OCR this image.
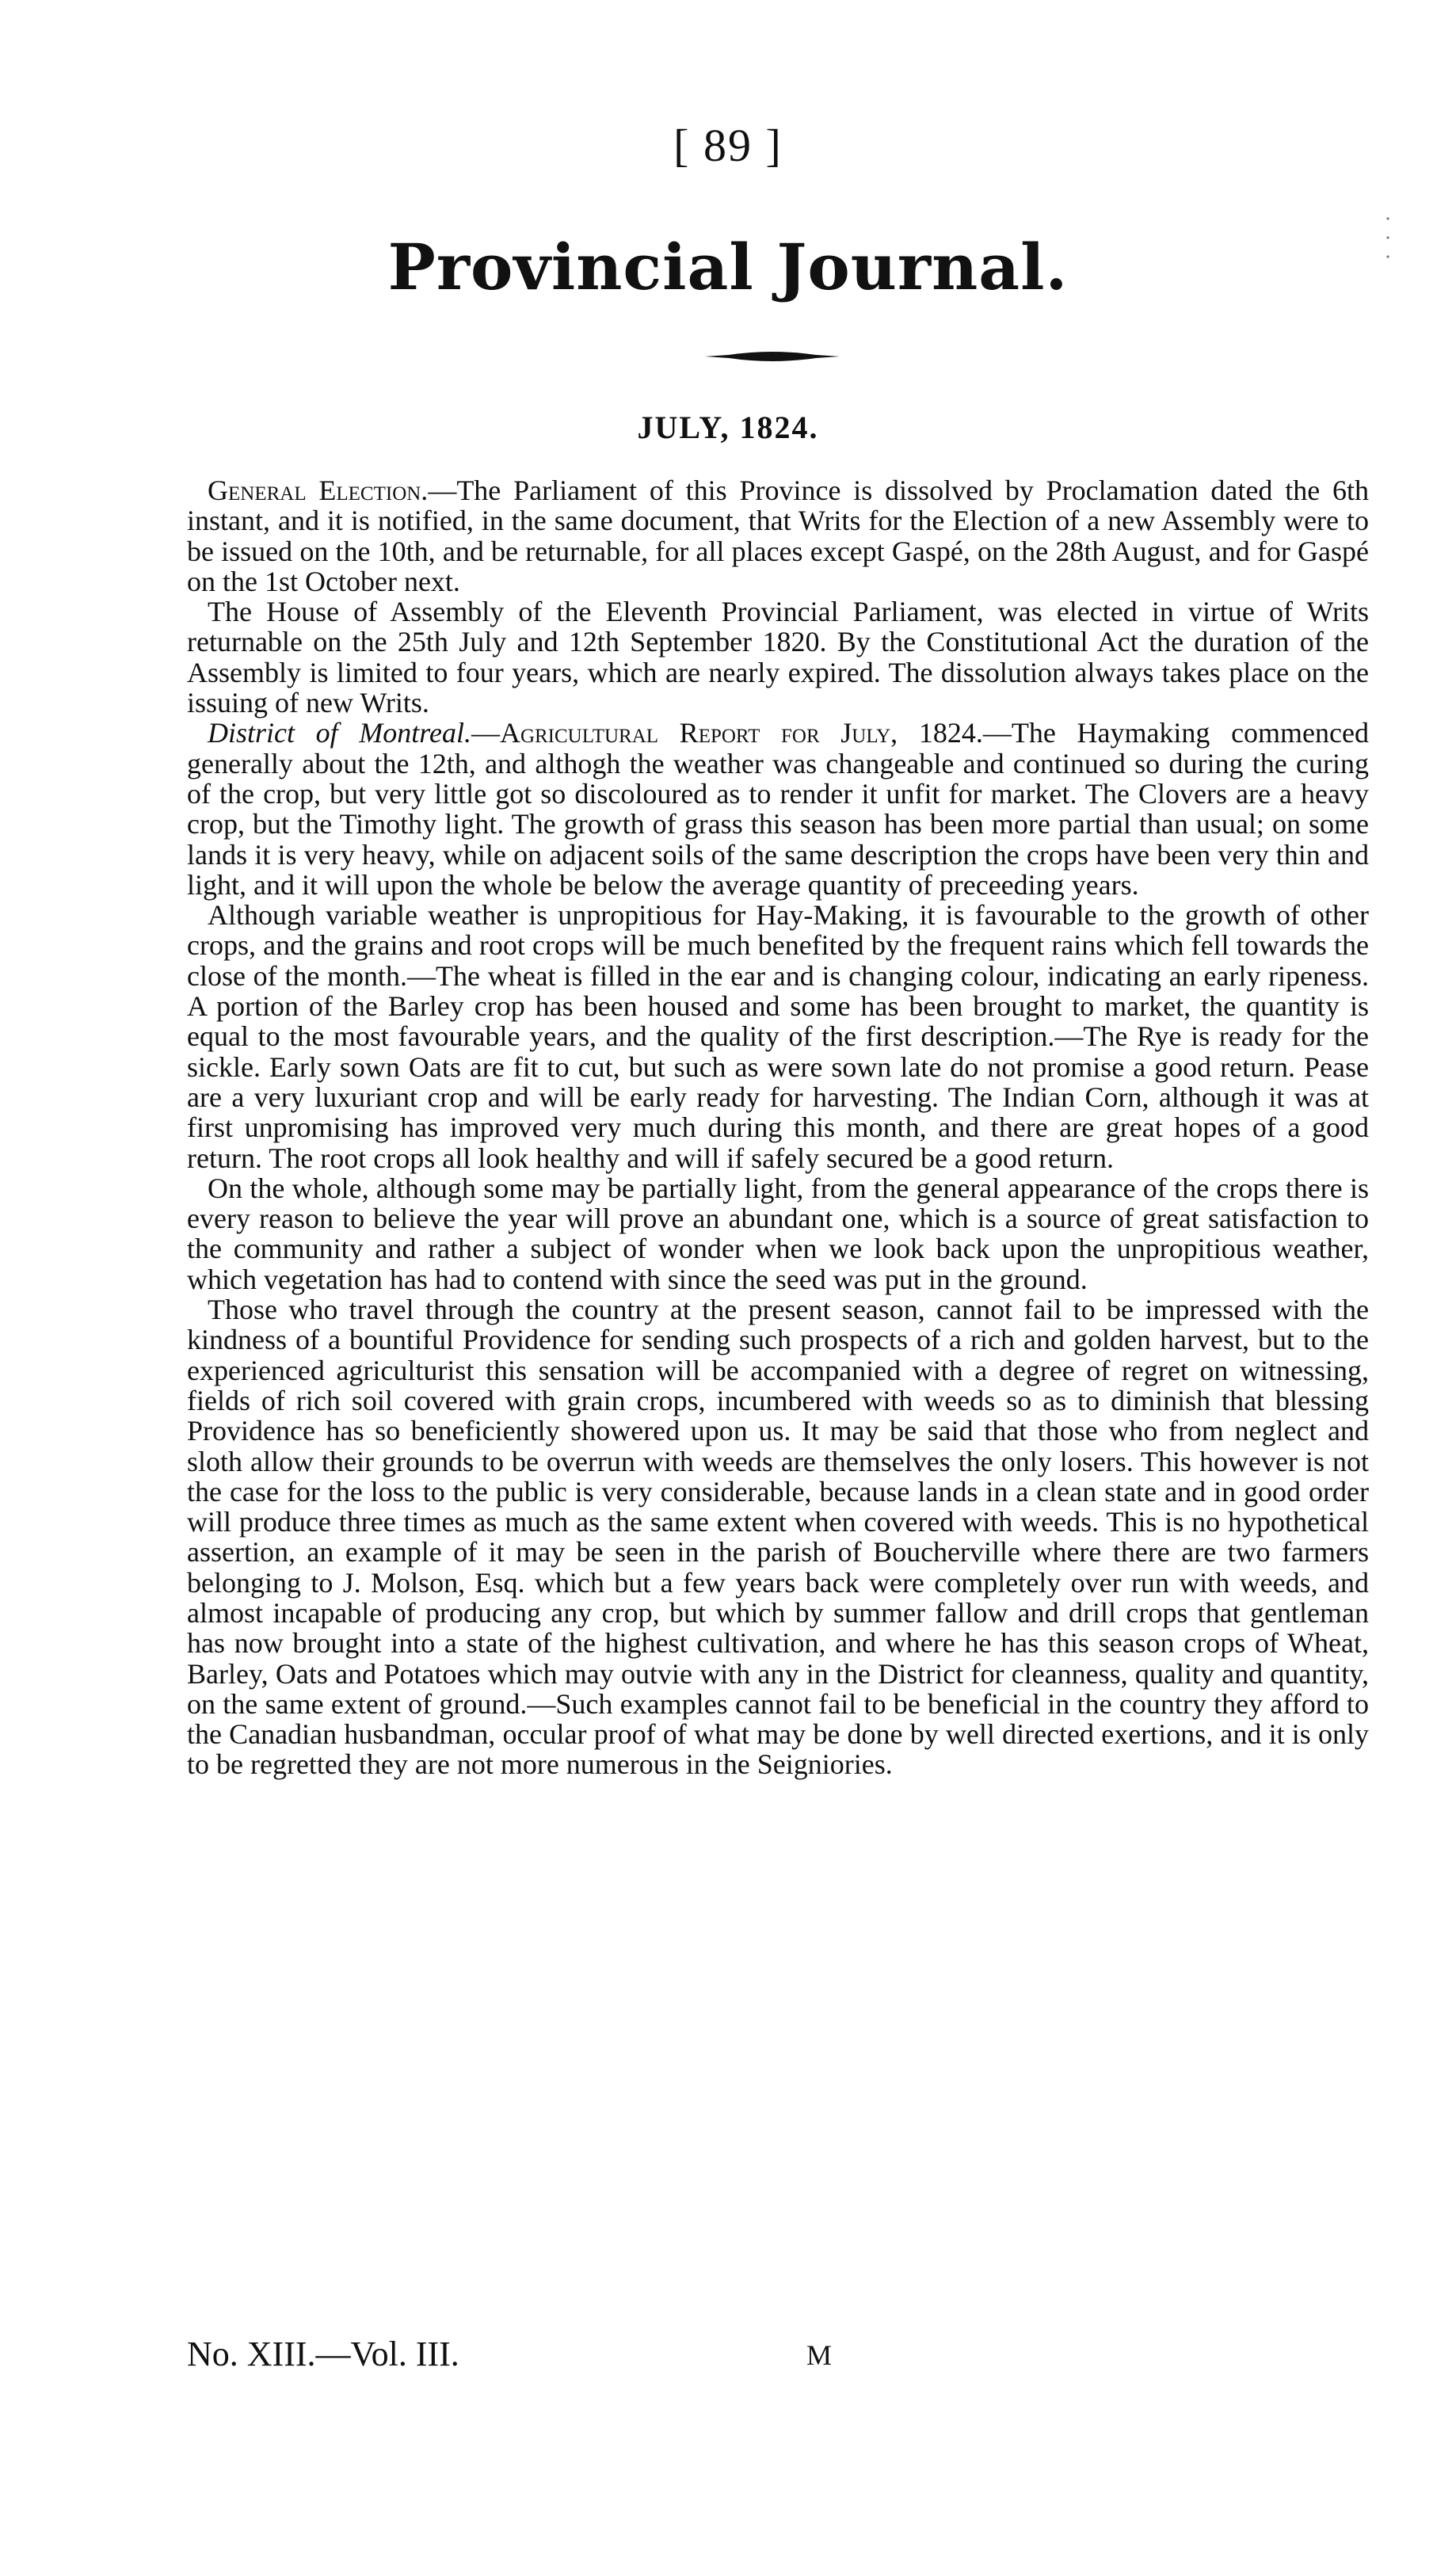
[ 89 ]
Provincial Journal.
JULY, 1824.

General Election.—The Parliament of this Province is dissolved by Proclamation dated the 6th instant, and it is notified, in the same document, that Writs for the Election of a new Assembly were to be issued on the 10th, and be returnable, for all places except Gaspé, on the 28th August, and for Gaspé on the 1st October next.

The House of Assembly of the Eleventh Provincial Parliament, was elected in virtue of Writs returnable on the 25th July and 12th September 1820. By the Constitutional Act the duration of the Assembly is limited to four years, which are nearly expired. The dissolution always takes place on the issuing of new Writs.

District of Montreal.—Agricultural Report for July, 1824.—The Haymaking commenced generally about the 12th, and althogh the weather was changeable and continued so during the curing of the crop, but very little got so discoloured as to render it unfit for market. The Clovers are a heavy crop, but the Timothy light. The growth of grass this season has been more partial than usual; on some lands it is very heavy, while on adjacent soils of the same description the crops have been very thin and light, and it will upon the whole be below the average quantity of preceeding years.

Although variable weather is unpropitious for Hay-Making, it is favourable to the growth of other crops, and the grains and root crops will be much benefited by the frequent rains which fell towards the close of the month.—The wheat is filled in the ear and is changing colour, indicating an early ripeness. A portion of the Barley crop has been housed and some has been brought to market, the quantity is equal to the most favourable years, and the quality of the first description.—The Rye is ready for the sickle. Early sown Oats are fit to cut, but such as were sown late do not promise a good return. Pease are a very luxuriant crop and will be early ready for harvesting. The Indian Corn, although it was at first unpromising has improved very much during this month, and there are great hopes of a good return. The root crops all look healthy and will if safely secured be a good return.

On the whole, although some may be partially light, from the general appearance of the crops there is every reason to believe the year will prove an abundant one, which is a source of great satisfaction to the community and rather a subject of wonder when we look back upon the unpropitious weather, which vegetation has had to contend with since the seed was put in the ground.

Those who travel through the country at the present season, cannot fail to be impressed with the kindness of a bountiful Providence for sending such prospects of a rich and golden harvest, but to the experienced agriculturist this sensation will be accompanied with a degree of regret on witnessing, fields of rich soil covered with grain crops, incumbered with weeds so as to diminish that blessing Providence has so beneficiently showered upon us. It may be said that those who from neglect and sloth allow their grounds to be overrun with weeds are themselves the only losers. This however is not the case for the loss to the public is very considerable, because lands in a clean state and in good order will produce three times as much as the same extent when covered with weeds. This is no hypothetical assertion, an example of it may be seen in the parish of Boucherville where there are two farmers belonging to J. Molson, Esq. which but a few years back were completely over run with weeds, and almost incapable of producing any crop, but which by summer fallow and drill crops that gentleman has now brought into a state of the highest cultivation, and where he has this season crops of Wheat, Barley, Oats and Potatoes which may outvie with any in the District for cleanness, quality and quantity, on the same extent of ground.—Such examples cannot fail to be beneficial in the country they afford to the Canadian husbandman, occular proof of what may be done by well directed exertions, and it is only to be regretted they are not more numerous in the Seigniories.

No. XIII.—Vol. III.	M
